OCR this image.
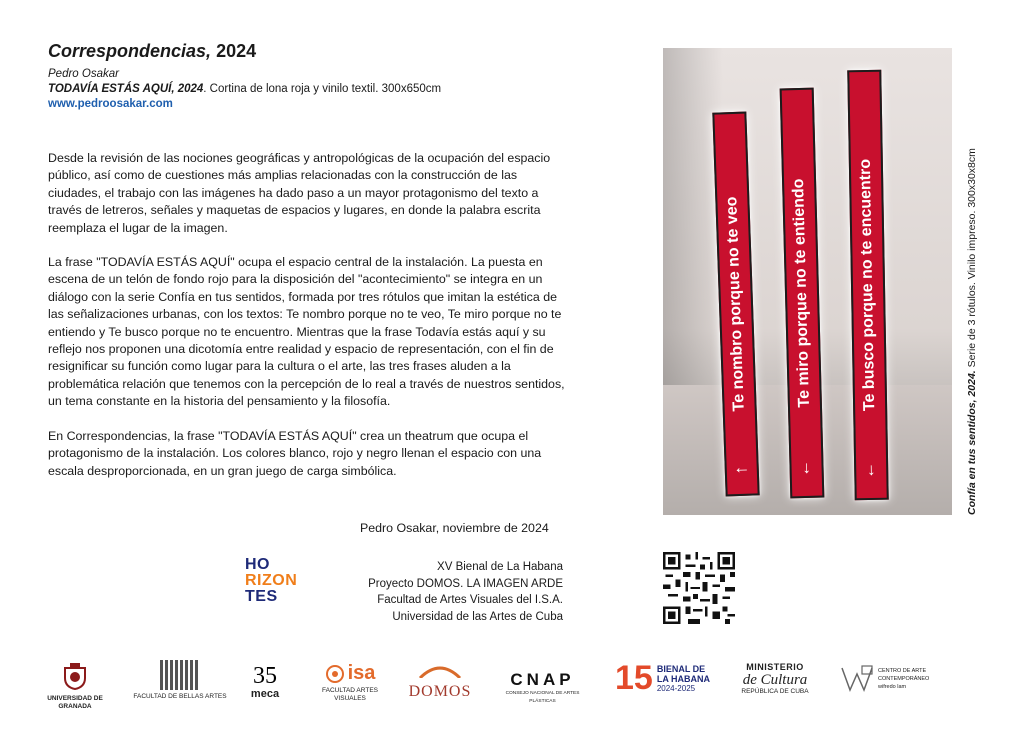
Correspondencias, 2024
Pedro Osakar
TODAVÍA ESTÁS AQUÍ, 2024. Cortina de lona roja y vinilo textil. 300x650cm
www.pedroosakar.com

Desde la revisión de las nociones geográficas y antropológicas de la ocupación del espacio público, así como de cuestiones más amplias relacionadas con la construcción de las ciudades, el trabajo con las imágenes ha dado paso a un mayor protagonismo del texto a través de letreros, señales y maquetas de espacios y lugares, en donde la palabra escrita reemplaza el lugar de la imagen.

La frase "TODAVÍA ESTÁS AQUÍ" ocupa el espacio central de la instalación. La puesta en escena de un telón de fondo rojo para la disposición del "acontecimiento" se integra en un diálogo con la serie Confía en tus sentidos, formada por tres rótulos que imitan la estética de las señalizaciones urbanas, con los textos: Te nombro porque no te veo, Te miro porque no te entiendo y Te busco porque no te encuentro. Mientras que la frase Todavía estás aquí y su reflejo nos proponen una dicotomía entre realidad y espacio de representación, con el fin de resignificar su función como lugar para la cultura o el arte, las tres frases aluden a la problemática relación que tenemos con la percepción de lo real a través de nuestros sentidos, un tema constante en la historia del pensamiento y la filosofía.

En Correspondencias, la frase "TODAVÍA ESTÁS AQUÍ" crea un theatrum que ocupa el protagonismo de la instalación. Los colores blanco, rojo y negro llenan el espacio con una escala desproporcionada, en un gran juego de carga simbólica.

Pedro Osakar, noviembre de 2024
Te nombro porque no te veo
←
Te miro porque no te entiendo
↓
Te busco porque no te encuentro
↓	Confía en tus sentidos, 2024. Serie de 3 rótulos. Vinilo impreso. 300x30x8cm
HO
RIZON
TES
XV Bienal de La Habana
Proyecto DOMOS. LA IMAGEN ARDE
Facultad de Artes Visuales del I.S.A.
Universidad de las Artes de Cuba
UNIVERSIDAD DE GRANADA
FACULTAD DE BELLAS ARTES
35
meca
isa
FACULTAD ARTES VISUALES	DOMOS
CNAP
CONSEJO NACIONAL DE ARTES PLÁSTICAS
15 BIENAL DE LA HABANA
2024-2025
MINISTERIO
de Cultura
REPÚBLICA DE CUBA
CENTRO DE ARTE CONTEMPORÁNEO wifredo lam
